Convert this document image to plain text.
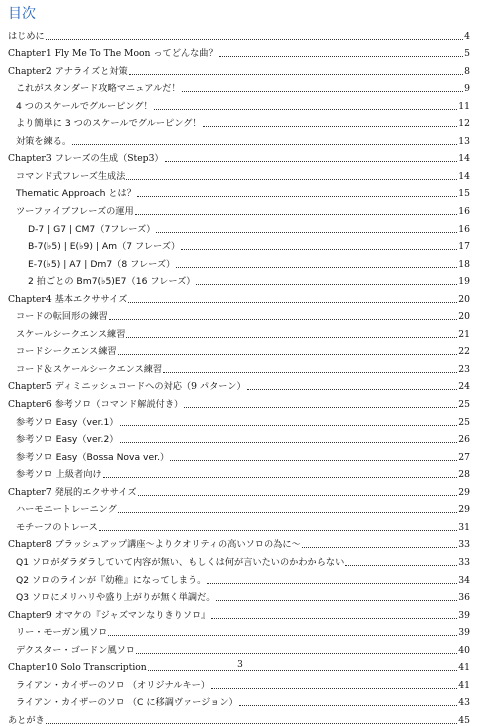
目次
はじめに	4
Chapter1 Fly Me To The Moon ってどんな曲？	5
Chapter2 アナライズと対策	8
これがスタンダード攻略マニュアルだ！	9
4 つのスケールでグルーピング！	11
より簡単に 3 つのスケールでグルーピング！	12
対策を練る。	13
Chapter3 フレーズの生成（Step3）	14
コマンド式フレーズ生成法	14
Thematic Approach とは？	15
ツーファイブフレーズの運用	16
D-7 | G7 | CM7（7フレーズ）	16
B-7(♭5) | E(♭9) | Am（7 フレーズ）	17
E-7(♭5) | A7 | Dm7（8 フレーズ）	18
2 拍ごとの Bm7(♭5)E7（16 フレーズ）	19
Chapter4 基本エクササイズ	20
コードの転回形の練習	20
スケールシークエンス練習	21
コードシークエンス練習	22
コード＆スケールシークエンス練習	23
Chapter5 ディミニッシュコードへの対応（9 パターン）	24
Chapter6 参考ソロ（コマンド解説付き）	25
参考ソロ Easy（ver.1）	25
参考ソロ Easy（ver.2）	26
参考ソロ Easy（Bossa Nova ver.）	27
参考ソロ 上級者向け	28
Chapter7 発展的エクササイズ	29
ハーモニートレーニング	29
モチーフのトレース	31
Chapter8 ブラッシュアップ講座～よりクオリティの高いソロの為に～	33
Q1 ソロがダラダラしていて内容が無い、もしくは何が言いたいのかわからない	33
Q2 ソロのラインが『幼稚』になってしまう。	34
Q3 ソロにメリハリや盛り上がりが無く単調だ。	36
Chapter9 オマケの『ジャズマンなりきりソロ』	39
リー・モーガン風ソロ	39
デクスター・ゴードン風ソロ	40
Chapter10 Solo Transcription	41
ライアン・カイザーのソロ （オリジナルキー）	41
ライアン・カイザーのソロ （C に移調ヴァージョン）	43
あとがき	45
3
